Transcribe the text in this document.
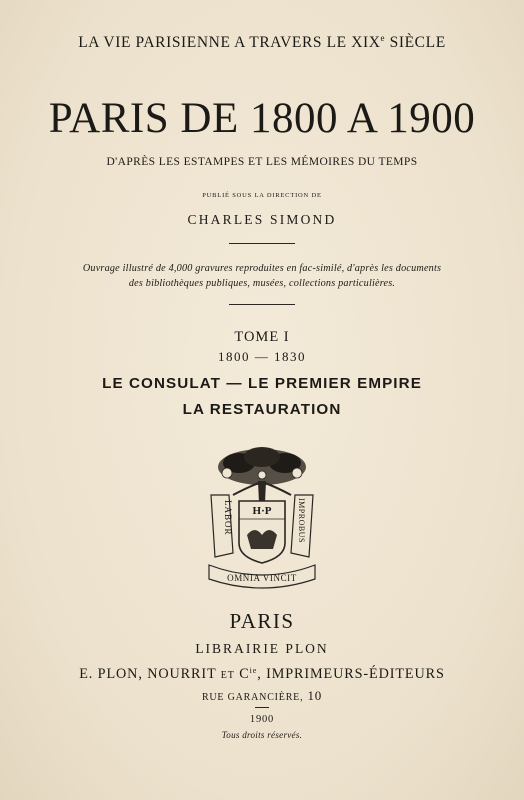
LA VIE PARISIENNE A TRAVERS LE XIXe SIÈCLE
PARIS DE 1800 A 1900
D'APRÈS LES ESTAMPES ET LES MÉMOIRES DU TEMPS
PUBLIÉ SOUS LA DIRECTION DE
CHARLES SIMOND
Ouvrage illustré de 4,000 gravures reproduites en fac-similé, d'après les documents
des bibliothèques publiques, musées, collections particulières.
TOME I
1800 — 1830
LE CONSULAT — LE PREMIER EMPIRE
LA RESTAURATION
H·P
LABOR	IMPROBUS
OMNIA VINCIT
PARIS
LIBRAIRIE PLON
E. PLON, NOURRIT ET $C^{ie}$, IMPRIMEURS-ÉDITEURS
RUE GARANCIÈRE, 10
1900
Tous droits réservés.
